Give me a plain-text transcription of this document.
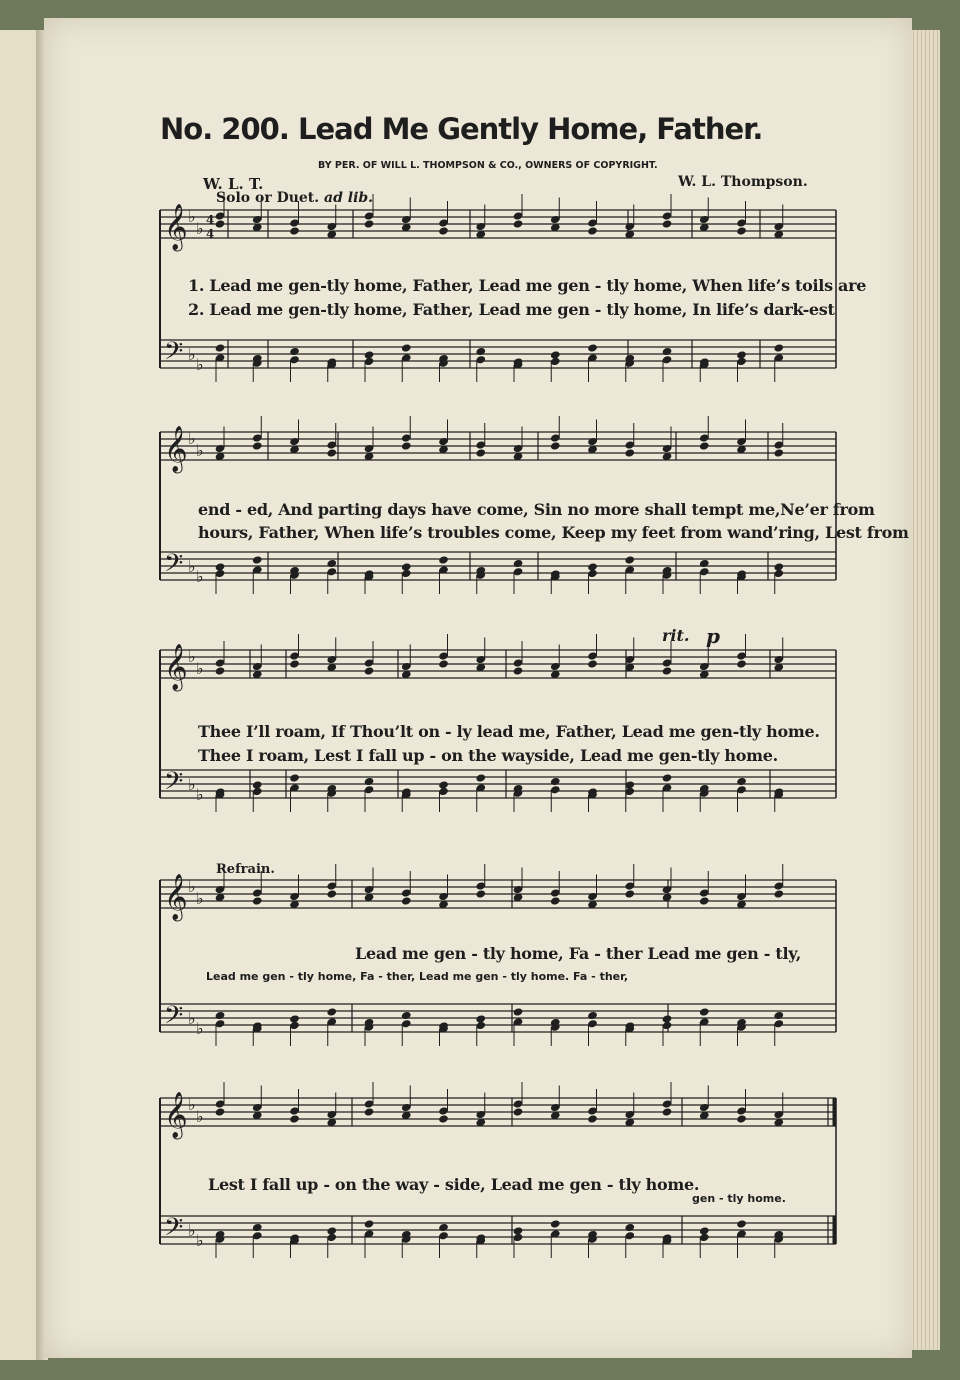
𝄞 ♭
♭
𝄢 ♭
♭
𝄞 ♭
♭
𝄢 ♭
♭
𝄞 ♭
♭
𝄢 ♭
♭
𝄞 ♭
♭
𝄢 ♭
♭
𝄞 ♭
♭
𝄢 ♭
♭
4
4
No. 200. Lead Me Gently Home, Father.
BY PER. OF WILL L. THOMPSON & CO., OWNERS OF COPYRIGHT.
W. L. T.	W. L. Thompson.
Solo or Duet. ad lib.
1. Lead me gen-tly home, Father, Lead me gen - tly home, When life’s toils are
2. Lead me gen-tly home, Father, Lead me gen - tly home, In life’s dark-est
end - ed, And parting days have come, Sin no more shall tempt me,Ne’er from
hours, Father, When life’s troubles come, Keep my feet from wand’ring, Lest from
rit. p
Thee I’ll roam, If Thou’lt on - ly lead me, Father, Lead me gen-tly home.
Thee I roam, Lest I fall up - on the wayside, Lead me gen-tly home.
Refrain.
Lead me gen - tly home, Fa - ther Lead me gen - tly,
Lead me gen - tly home, Fa - ther, Lead me gen - tly home. Fa - ther,
Lest I fall up - on the way - side, Lead me gen - tly home.
gen - tly home.
